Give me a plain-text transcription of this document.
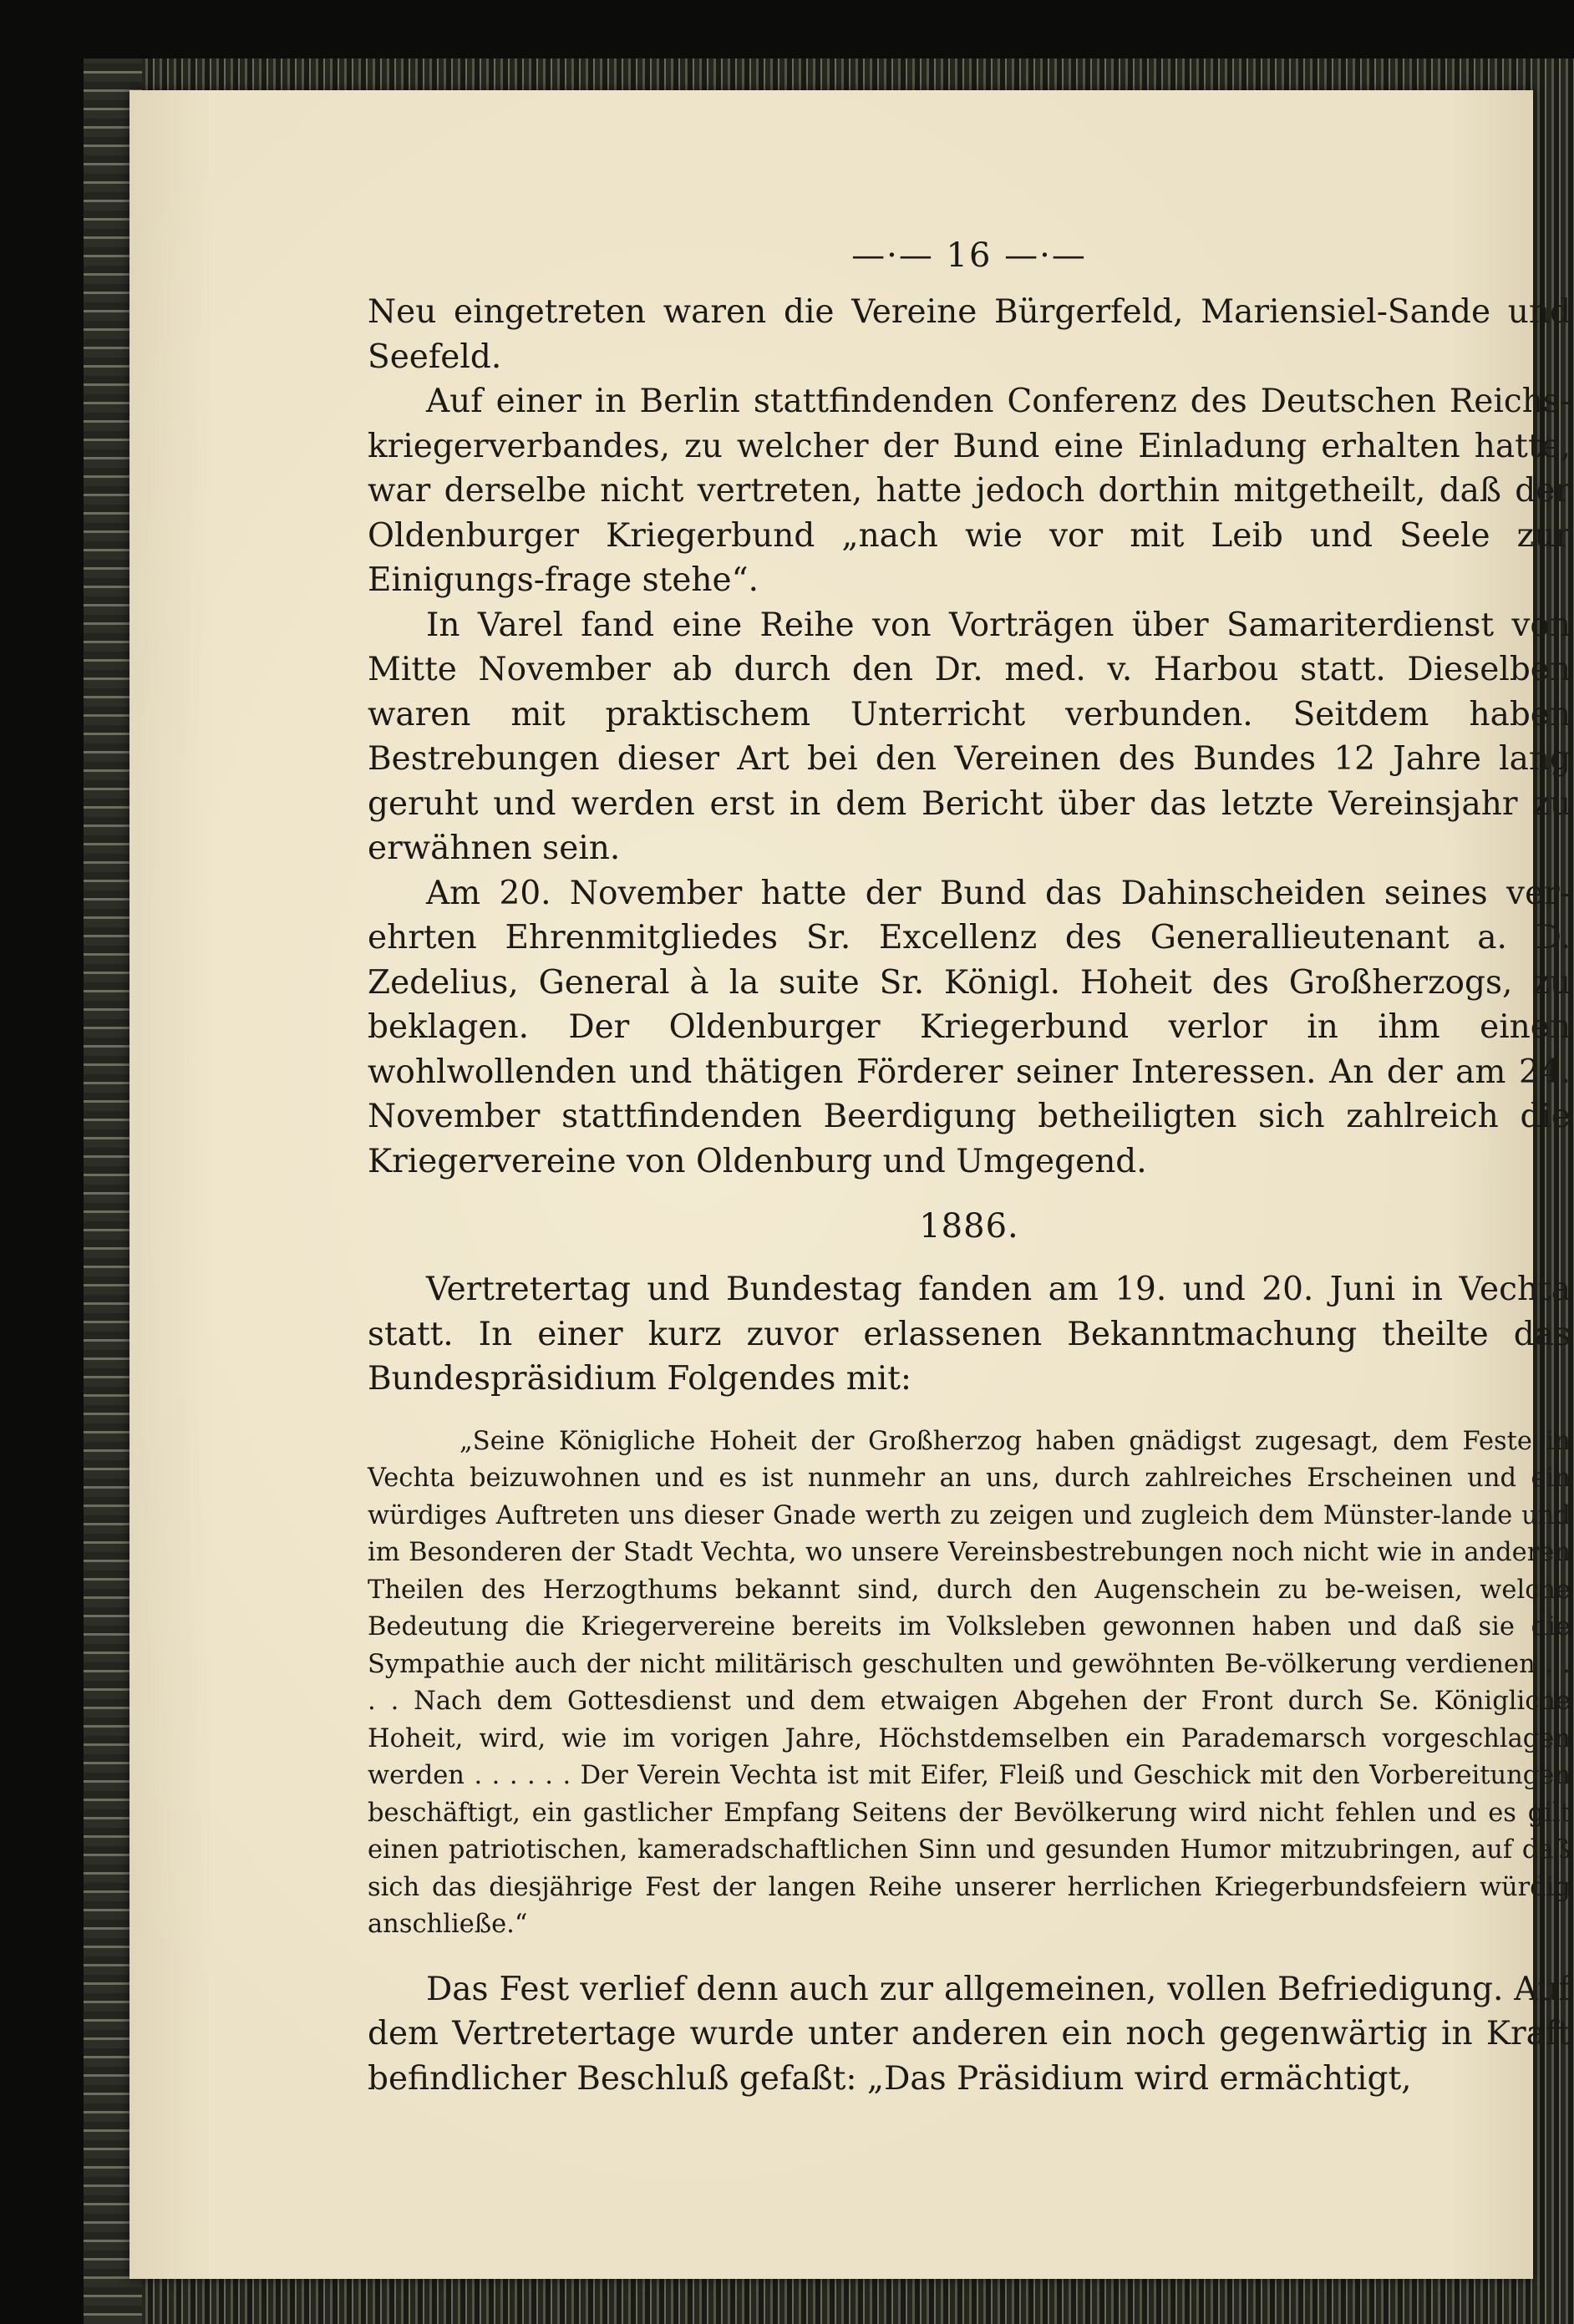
—·— 16 —·—

Neu eingetreten waren die Vereine Bürgerfeld, Mariensiel-Sande und Seefeld.

Auf einer in Berlin stattfindenden Conferenz des Deutschen Reichs-kriegerverbandes, zu welcher der Bund eine Einladung erhalten hatte, war derselbe nicht vertreten, hatte jedoch dorthin mitgetheilt, daß der Oldenburger Kriegerbund „nach wie vor mit Leib und Seele zur Einigungs-frage stehe“.

In Varel fand eine Reihe von Vorträgen über Samariterdienst von Mitte November ab durch den Dr. med. v. Harbou statt. Dieselben waren mit praktischem Unterricht verbunden. Seitdem haben Bestrebungen dieser Art bei den Vereinen des Bundes 12 Jahre lang geruht und werden erst in dem Bericht über das letzte Vereinsjahr zu erwähnen sein.

Am 20. November hatte der Bund das Dahinscheiden seines ver-ehrten Ehrenmitgliedes Sr. Excellenz des Generallieutenant a. D. Zedelius, General à la suite Sr. Königl. Hoheit des Großherzogs, zu beklagen. Der Oldenburger Kriegerbund verlor in ihm einen wohlwollenden und thätigen Förderer seiner Interessen. An der am 24. November stattfindenden Beerdigung betheiligten sich zahlreich die Kriegervereine von Oldenburg und Umgegend.

1886.

Vertretertag und Bundestag fanden am 19. und 20. Juni in Vechta statt. In einer kurz zuvor erlassenen Bekanntmachung theilte das Bundespräsidium Folgendes mit:

„Seine Königliche Hoheit der Großherzog haben gnädigst zugesagt, dem Feste in Vechta beizuwohnen und es ist nunmehr an uns, durch zahlreiches Erscheinen und ein würdiges Auftreten uns dieser Gnade werth zu zeigen und zugleich dem Münster-lande und im Besonderen der Stadt Vechta, wo unsere Vereinsbestrebungen noch nicht wie in anderen Theilen des Herzogthums bekannt sind, durch den Augenschein zu be-weisen, welche Bedeutung die Kriegervereine bereits im Volksleben gewonnen haben und daß sie die Sympathie auch der nicht militärisch geschulten und gewöhnten Be-völkerung verdienen . . . . Nach dem Gottesdienst und dem etwaigen Abgehen der Front durch Se. Königliche Hoheit, wird, wie im vorigen Jahre, Höchstdemselben ein Parademarsch vorgeschlagen werden . . . . . . Der Verein Vechta ist mit Eifer, Fleiß und Geschick mit den Vorbereitungen beschäftigt, ein gastlicher Empfang Seitens der Bevölkerung wird nicht fehlen und es gilt einen patriotischen, kameradschaftlichen Sinn und gesunden Humor mitzubringen, auf daß sich das diesjährige Fest der langen Reihe unserer herrlichen Kriegerbundsfeiern würdig anschließe.“

Das Fest verlief denn auch zur allgemeinen, vollen Befriedigung. Auf dem Vertretertage wurde unter anderen ein noch gegenwärtig in Kraft befindlicher Beschluß gefaßt: „Das Präsidium wird ermächtigt,
